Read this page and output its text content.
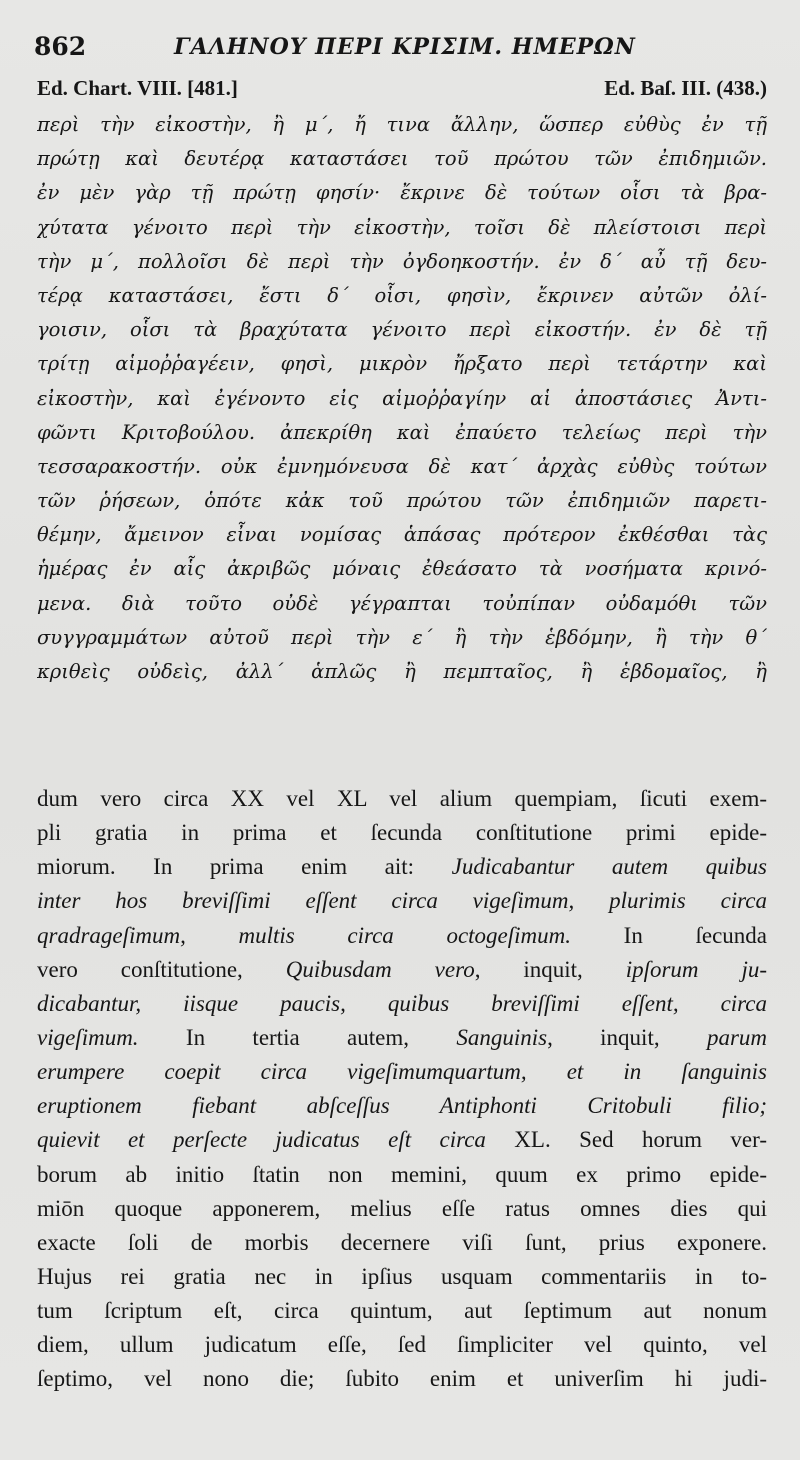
862	ΓΑΛΗΝΟΥ ΠΕΡΙ ΚΡΙΣΙΜ. ΗΜΕΡΩΝ
Ed. Chart. VIII. [481.]	Ed. Baſ. III. (438.)
περὶ τὴν εἰκοστὴν, ἢ μ΄, ἤ τινα ἄλλην, ὥσπερ εὐθὺς ἐν τῇ
πρώτῃ καὶ δευτέρᾳ καταστάσει τοῦ πρώτου τῶν ἐπιδημιῶν.
ἐν μὲν γὰρ τῇ πρώτῃ φησίν· ἔκρινε δὲ τούτων οἷσι τὰ βρα-
χύτατα γένοιτο περὶ τὴν εἰκοστὴν, τοῖσι δὲ πλείστοισι περὶ
τὴν μ΄, πολλοῖσι δὲ περὶ τὴν ὀγδοηκοστήν. ἐν δ΄ αὖ τῇ δευ-
τέρᾳ καταστάσει, ἔστι δ΄ οἷσι, φησὶν, ἔκρινεν αὐτῶν ὀλί-
γοισιν, οἷσι τὰ βραχύτατα γένοιτο περὶ εἰκοστήν. ἐν δὲ τῇ
τρίτῃ αἱμοῤῥαγέειν, φησὶ, μικρὸν ἤρξατο περὶ τετάρτην καὶ
εἰκοστὴν, καὶ ἐγένοντο εἰς αἱμοῤῥαγίην αἱ ἀποστάσιες Ἀντι-
φῶντι Κριτοβούλου. ἀπεκρίθη καὶ ἐπαύετο τελείως περὶ τὴν
τεσσαρακοστήν. οὐκ ἐμνημόνευσα δὲ κατ΄ ἀρχὰς εὐθὺς τούτων
τῶν ῥήσεων, ὁπότε κἀκ τοῦ πρώτου τῶν ἐπιδημιῶν παρετι-
θέμην, ἄμεινον εἶναι νομίσας ἁπάσας πρότερον ἐκθέσθαι τὰς
ἡμέρας ἐν αἷς ἀκριβῶς μόναις ἐθεάσατο τὰ νοσήματα κρινό-
μενα. διὰ τοῦτο οὐδὲ γέγραπται τοὐπίπαν οὐδαμόθι τῶν
συγγραμμάτων αὐτοῦ περὶ τὴν ε΄ ἢ τὴν ἑβδόμην, ἢ τὴν θ΄
κριθεὶς οὐδεὶς, ἀλλ΄ ἁπλῶς ἢ πεμπταῖος, ἢ ἑβδομαῖος, ἢ
dum vero circa XX vel XL vel alium quempiam, ſicuti exem-
pli gratia in prima et ſecunda conſtitutione primi epide-
miorum. In prima enim ait: Judicabantur autem quibus
inter hos breviſſimi eſſent circa vigeſimum, plurimis circa
qradrageſimum, multis circa octogeſimum. In ſecunda
vero conſtitutione, Quibusdam vero, inquit, ipſorum ju-
dicabantur, iisque paucis, quibus breviſſimi eſſent, circa
vigeſimum. In tertia autem, Sanguinis, inquit, parum
erumpere coepit circa vigeſimumquartum, et in ſanguinis
eruptionem fiebant abſceſſus Antiphonti Critobuli filio;
quievit et perſecte judicatus eſt circa XL. Sed horum ver-
borum ab initio ſtatin non memini, quum ex primo epide-
miōn quoque apponerem, melius eſſe ratus omnes dies qui
exacte ſoli de morbis decernere viſi ſunt, prius exponere.
Hujus rei gratia nec in ipſius usquam commentariis in to-
tum ſcriptum eſt, circa quintum, aut ſeptimum aut nonum
diem, ullum judicatum eſſe, ſed ſimpliciter vel quinto, vel
ſeptimo, vel nono die; ſubito enim et univerſim hi judi-
